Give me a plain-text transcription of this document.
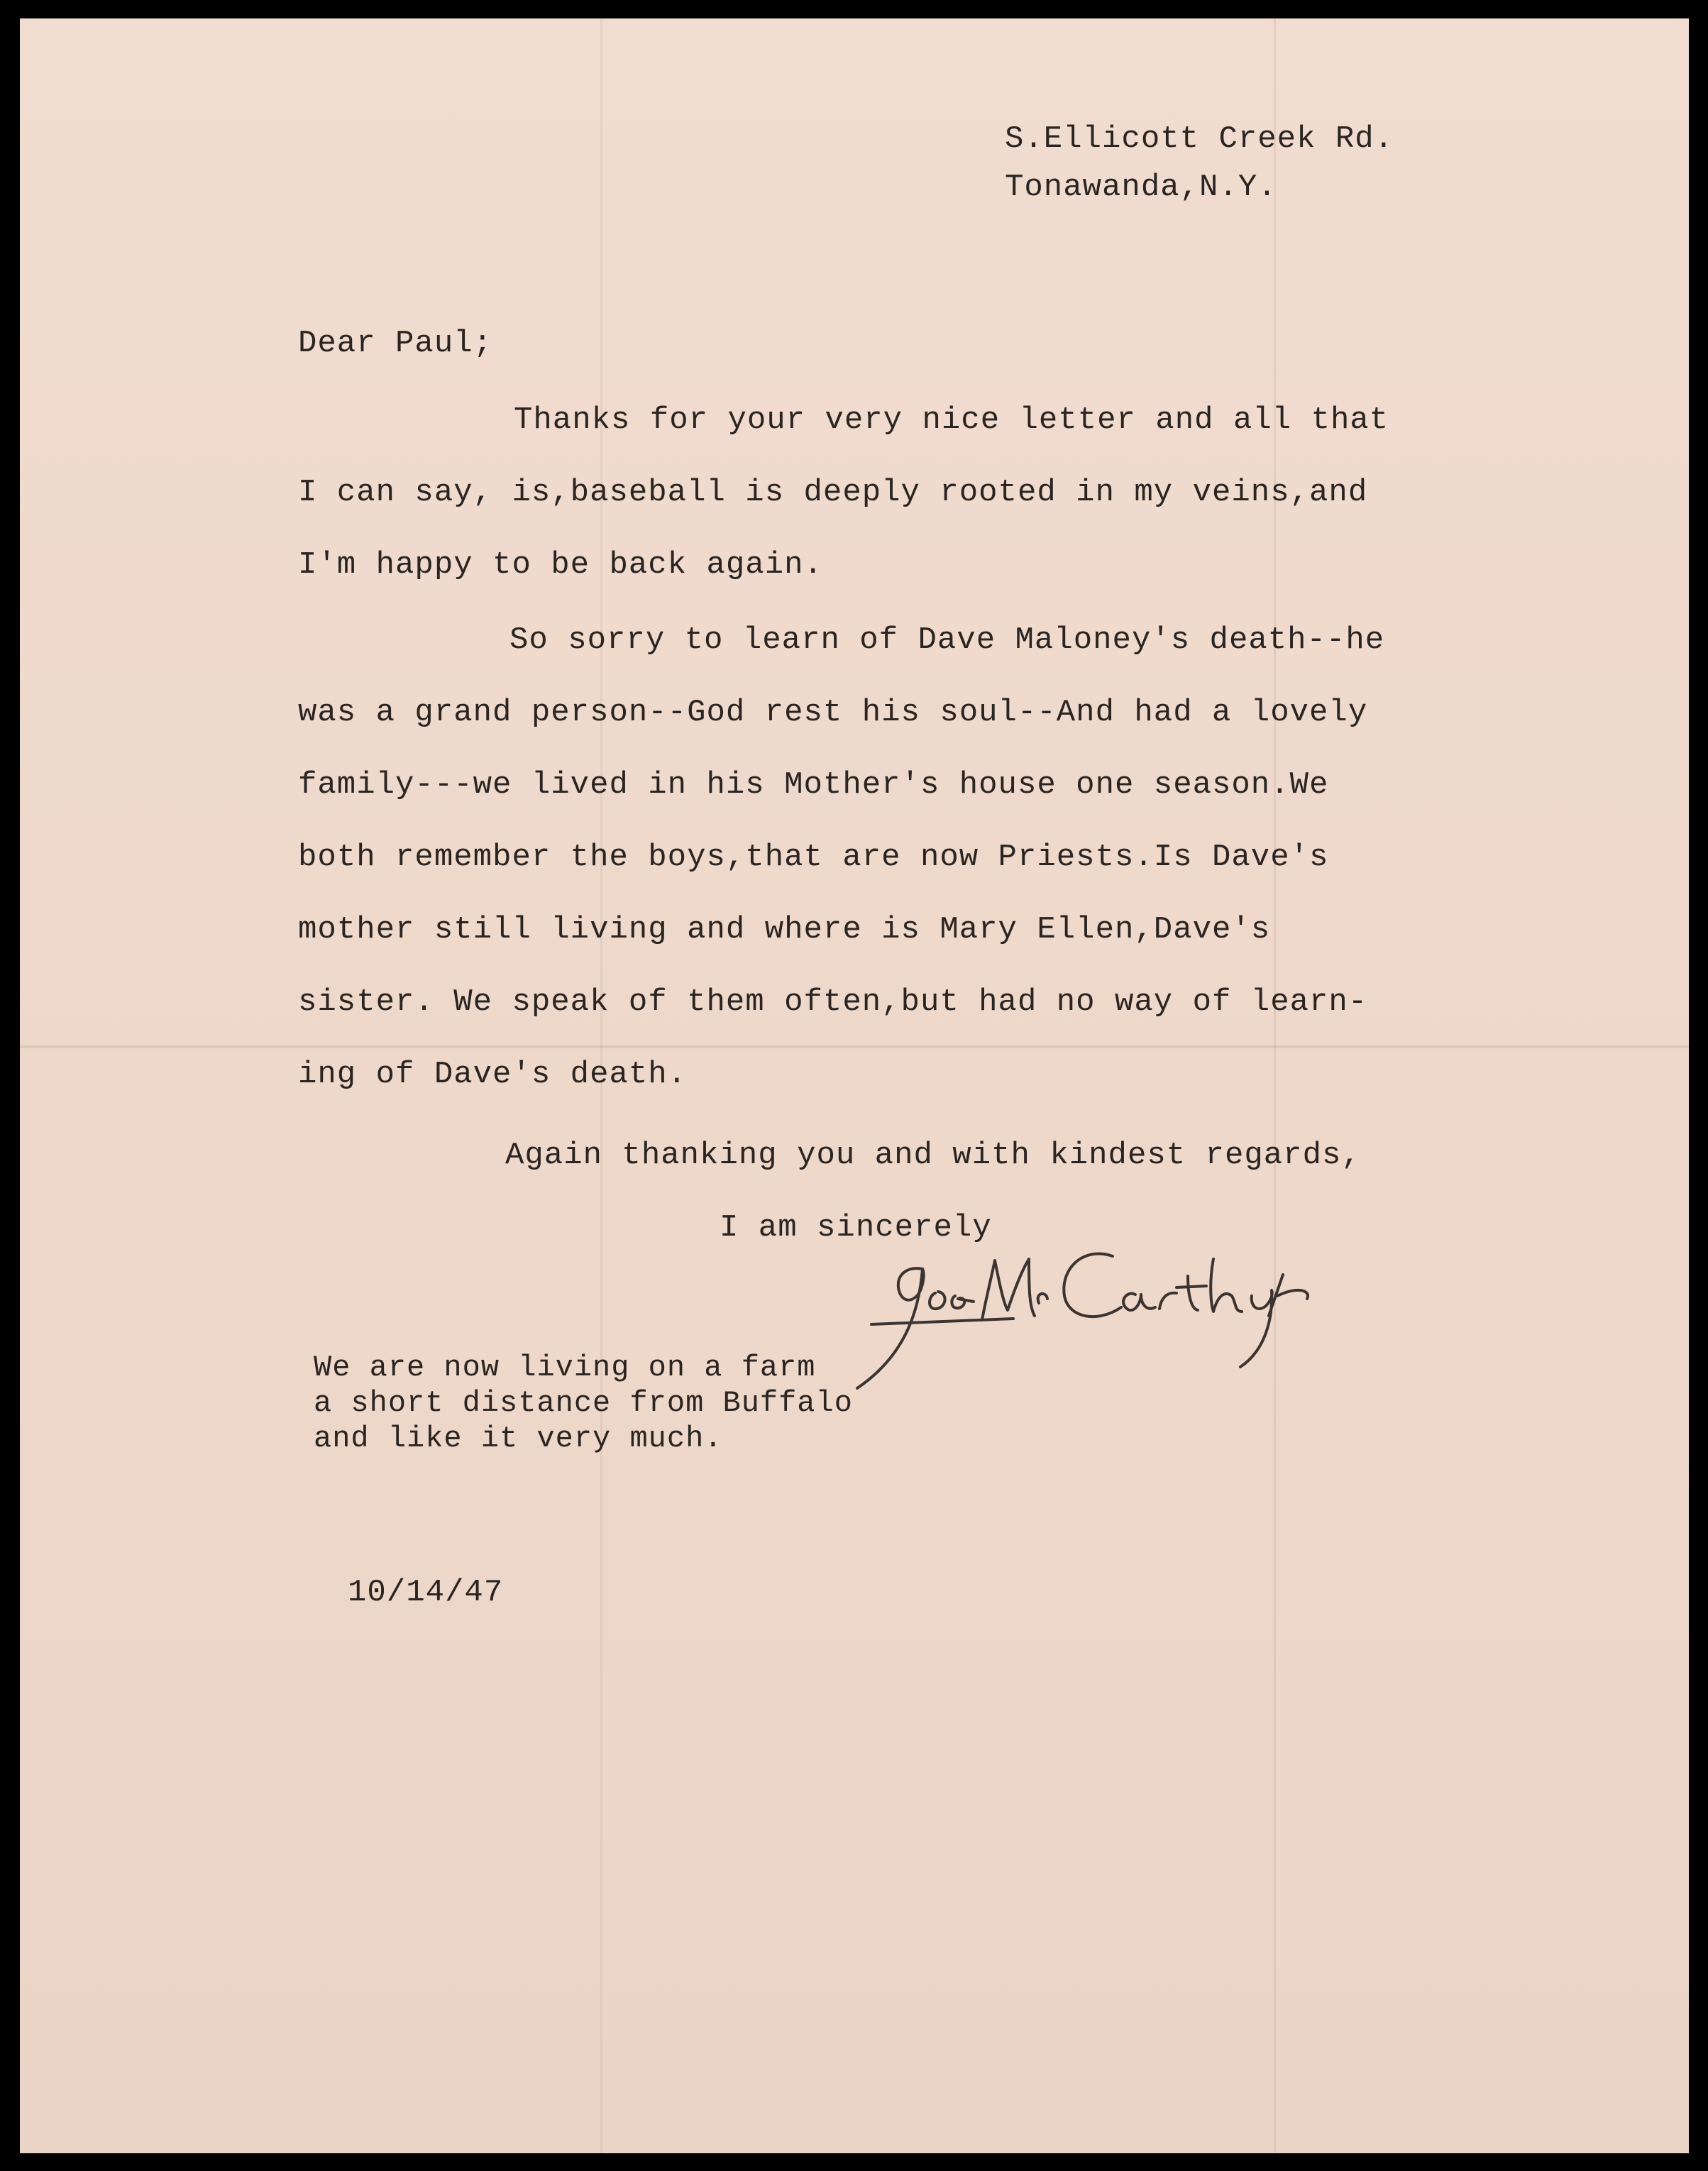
S.Ellicott Creek Rd.
Tonawanda,N.Y.
Dear Paul;
Thanks for your very nice letter and all that
I can say, is,baseball is deeply rooted in my veins,and
I'm happy to be back again.
So sorry to learn of Dave Maloney's death--he
was a grand person--God rest his soul--And had a lovely
family---we lived in his Mother's house one season.We
both remember the boys,that are now Priests.Is Dave's
mother still living and where is Mary Ellen,Dave's
sister. We speak of them often,but had no way of learn-
ing of Dave's death.
Again thanking you and with kindest regards,
I am sincerely
We are now living on a farm
a short distance from Buffalo
and like it very much.
10/14/47
